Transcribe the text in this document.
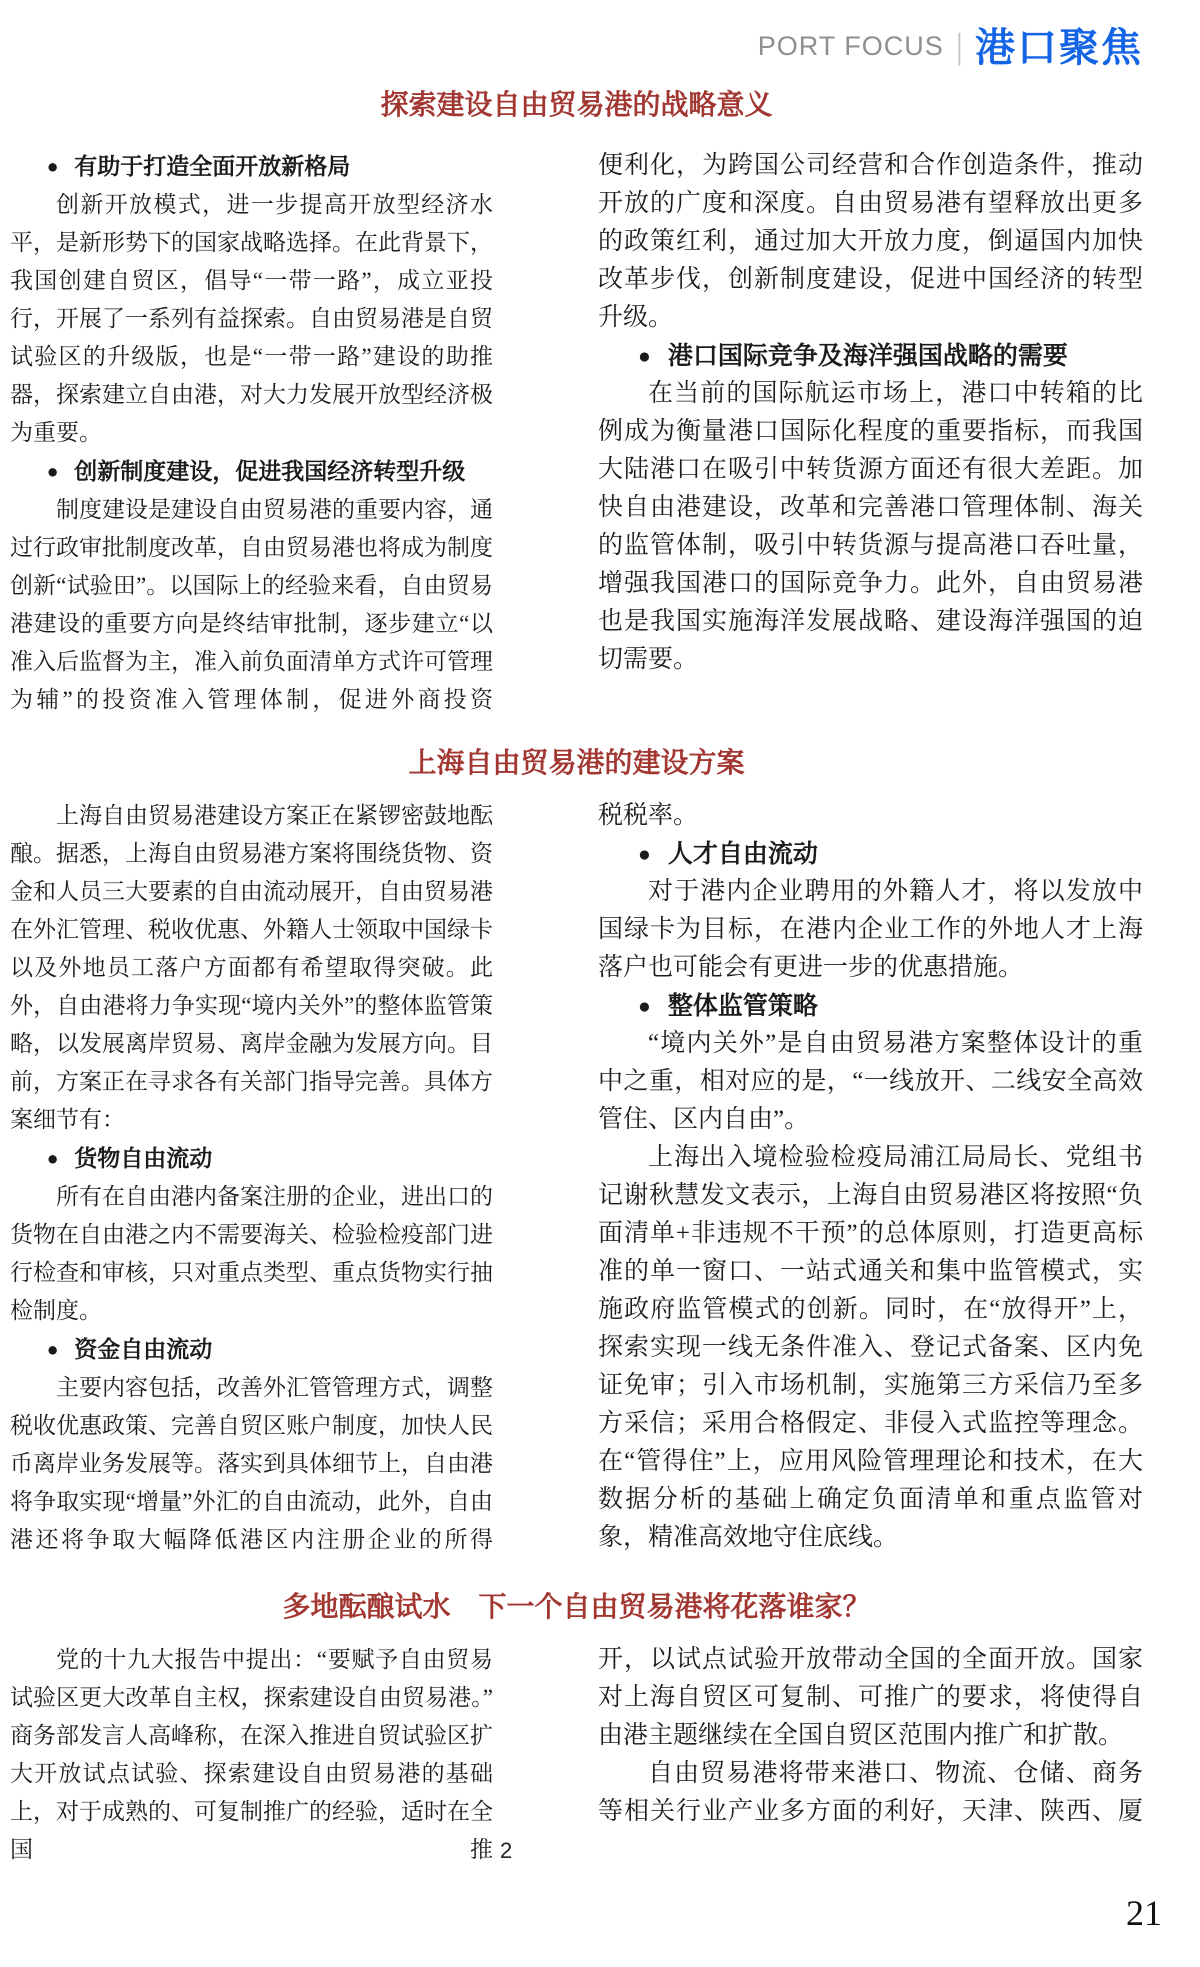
PORT FOCUS | 港口聚焦
探索建设自由贸易港的战略意义

● 有助于打造全面开放新格局

创新开放模式，进一步提高开放型经济水平，是新形势下的国家战略选择。在此背景下，我国创建自贸区，倡导“一带一路”，成立亚投行，开展了一系列有益探索。自由贸易港是自贸试验区的升级版，也是“一带一路”建设的助推器，探索建立自由港，对大力发展开放型经济极为重要。

● 创新制度建设，促进我国经济转型升级

制度建设是建设自由贸易港的重要内容，通过行政审批制度改革，自由贸易港也将成为制度创新“试验田”。以国际上的经验来看，自由贸易港建设的重要方向是终结审批制，逐步建立“以准入后监督为主，准入前负面清单方式许可管理为辅”的投资准入管理体制，促进外商投资

便利化，为跨国公司经营和合作创造条件，推动开放的广度和深度。自由贸易港有望释放出更多的政策红利，通过加大开放力度，倒逼国内加快改革步伐，创新制度建设，促进中国经济的转型升级。

● 港口国际竞争及海洋强国战略的需要

在当前的国际航运市场上，港口中转箱的比例成为衡量港口国际化程度的重要指标，而我国大陆港口在吸引中转货源方面还有很大差距。加快自由港建设，改革和完善港口管理体制、海关的监管体制，吸引中转货源与提高港口吞吐量，增强我国港口的国际竞争力。此外，自由贸易港也是我国实施海洋发展战略、建设海洋强国的迫切需要。

上海自由贸易港的建设方案

上海自由贸易港建设方案正在紧锣密鼓地酝酿。据悉，上海自由贸易港方案将围绕货物、资金和人员三大要素的自由流动展开，自由贸易港在外汇管理、税收优惠、外籍人士领取中国绿卡以及外地员工落户方面都有希望取得突破。此外，自由港将力争实现“境内关外”的整体监管策略，以发展离岸贸易、离岸金融为发展方向。目前，方案正在寻求各有关部门指导完善。具体方案细节有：

● 货物自由流动

所有在自由港内备案注册的企业，进出口的货物在自由港之内不需要海关、检验检疫部门进行检查和审核，只对重点类型、重点货物实行抽检制度。

● 资金自由流动

主要内容包括，改善外汇管管理方式，调整税收优惠政策、完善自贸区账户制度，加快人民币离岸业务发展等。落实到具体细节上，自由港将争取实现“增量”外汇的自由流动，此外，自由港还将争取大幅降低港区内注册企业的所得

税税率。

● 人才自由流动

对于港内企业聘用的外籍人才，将以发放中国绿卡为目标，在港内企业工作的外地人才上海落户也可能会有更进一步的优惠措施。

● 整体监管策略

“境内关外”是自由贸易港方案整体设计的重中之重，相对应的是，“一线放开、二线安全高效管住、区内自由”。

上海出入境检验检疫局浦江局局长、党组书记谢秋慧发文表示，上海自由贸易港区将按照“负面清单+非违规不干预”的总体原则，打造更高标准的单一窗口、一站式通关和集中监管模式，实施政府监管模式的创新。同时，在“放得开”上，探索实现一线无条件准入、登记式备案、区内免证免审；引入市场机制，实施第三方采信乃至多方采信；采用合格假定、非侵入式监控等理念。在“管得住”上，应用风险管理理论和技术，在大数据分析的基础上确定负面清单和重点监管对象，精准高效地守住底线。

多地酝酿试水　下一个自由贸易港将花落谁家？

党的十九大报告中提出：“要赋予自由贸易试验区更大改革自主权，探索建设自由贸易港。”商务部发言人高峰称，在深入推进自贸试验区扩大开放试点试验、探索建设自由贸易港的基础上，对于成熟的、可复制推广的经验，适时在全国推

开，以试点试验开放带动全国的全面开放。国家对上海自贸区可复制、可推广的要求，将使得自由港主题继续在全国自贸区范围内推广和扩散。

自由贸易港将带来港口、物流、仓储、商务等相关行业产业多方面的利好，天津、陕西、厦

2
21
